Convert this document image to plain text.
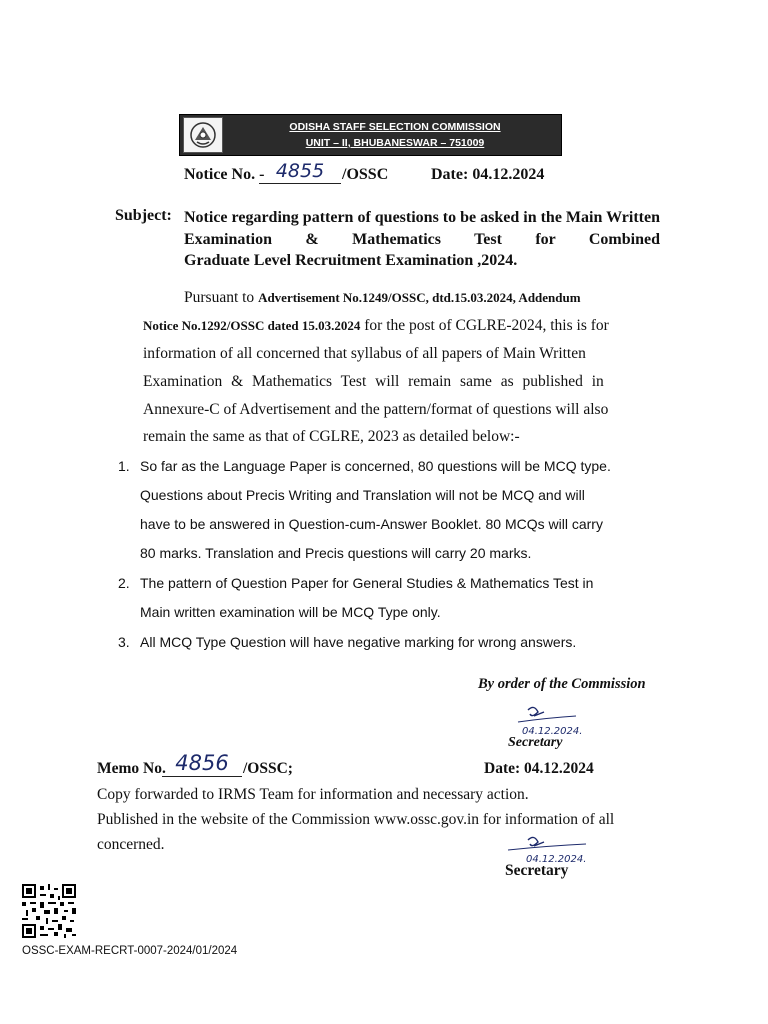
ODISHA STAFF SELECTION COMMISSION
UNIT – II, BHUBANESWAR – 751009
Notice No. - 4855	/OSSC	Date: 04.12.2024
Subject: Notice regarding pattern of questions to be asked in the Main Written Examination & Mathematics Test for Combined
Graduate Level Recruitment Examination ,2024.
Pursuant to Advertisement No.1249/OSSC, dtd.15.03.2024, Addendum
Notice No.1292/OSSC dated 15.03.2024 for the post of CGLRE-2024, this is for
information of all concerned that syllabus of all papers of Main Written
Examination & Mathematics Test will remain same as published in
Annexure-C of Advertisement and the pattern/format of questions will also
remain the same as that of CGLRE, 2023 as detailed below:-
1. So far as the Language Paper is concerned, 80 questions will be MCQ type.
Questions about Precis Writing and Translation will not be MCQ and will
have to be answered in Question-cum-Answer Booklet. 80 MCQs will carry
80 marks. Translation and Precis questions will carry 20 marks.
2. The pattern of Question Paper for General Studies & Mathematics Test in
Main written examination will be MCQ Type only.
3. All MCQ Type Question will have negative marking for wrong answers.
By order of the Commission
04.12.2024.
Secretary
Memo No. 4856 /OSSC;	Date: 04.12.2024
Copy forwarded to IRMS Team for information and necessary action.
Published in the website of the Commission www.ossc.gov.in for information of all
concerned.
04.12.2024.
Secretary
OSSC-EXAM-RECRT-0007-2024/01/2024
